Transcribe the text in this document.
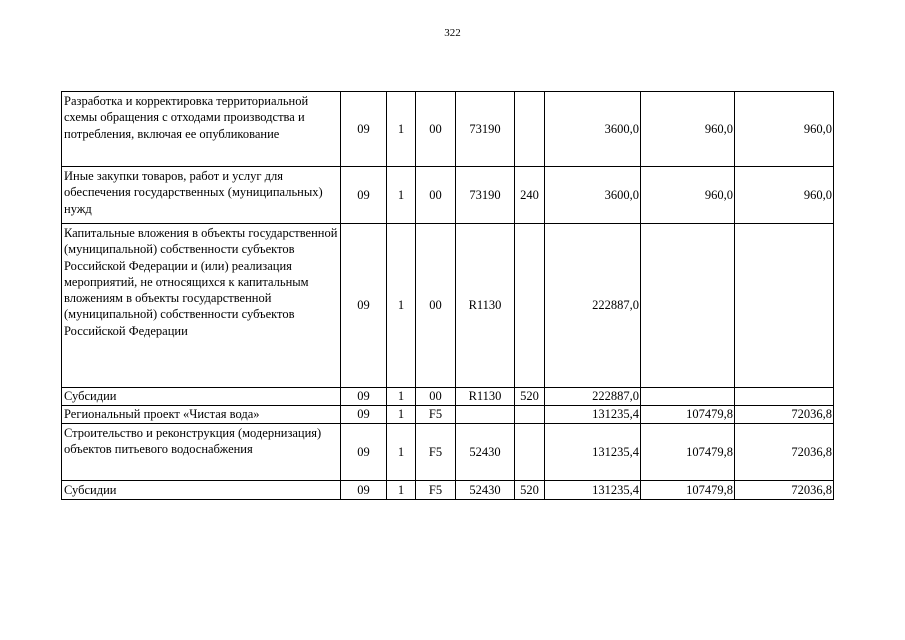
322
Разработка и корректировка территориальной схемы обращения с отходами производства и потребления, включая ее опубликование	09	1	00	73190		3600,0	960,0	960,0
Иные закупки товаров, работ и услуг для обеспечения государственных (муниципальных) нужд	09	1	00	73190	240	3600,0	960,0	960,0
Капитальные вложения в объекты государственной (муниципальной) собственности субъектов Российской Федерации и (или) реализация мероприятий, не относящихся к капитальным вложениям в объекты государственной (муниципальной) собственности субъектов Российской Федерации	09	1	00	R1130		222887,0		
Субсидии	09	1	00	R1130	520	222887,0		
Региональный проект «Чистая вода»	09	1	F5			131235,4	107479,8	72036,8
Строительство и реконструкция (модернизация) объектов питьевого водоснабжения	09	1	F5	52430		131235,4	107479,8	72036,8
Субсидии	09	1	F5	52430	520	131235,4	107479,8	72036,8
